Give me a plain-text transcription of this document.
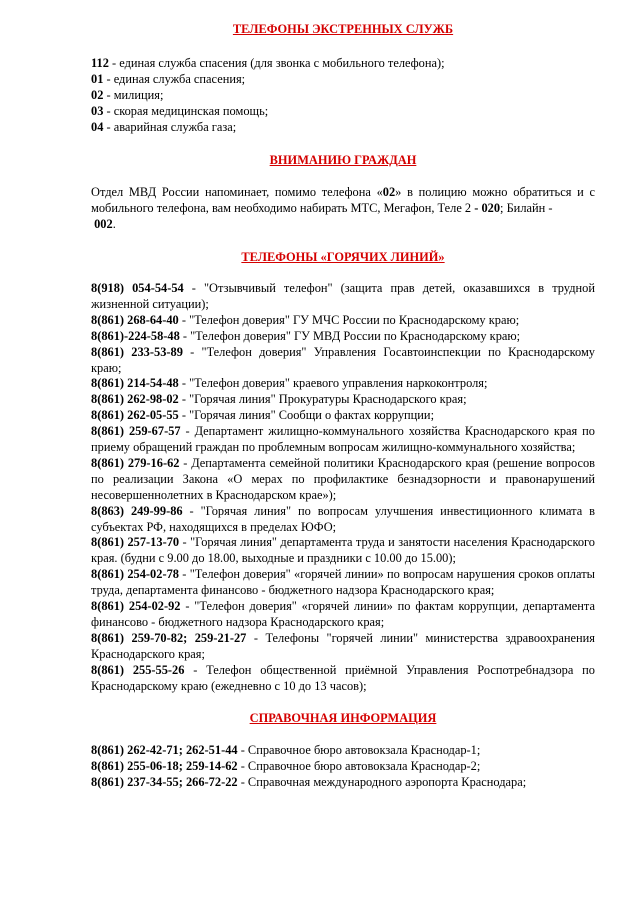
ТЕЛЕФОНЫ ЭКСТРЕННЫХ СЛУЖБ

112 - единая служба спасения (для звонка с мобильного телефона);

01 - единая служба спасения;

02 - милиция;

03 - скорая медицинская помощь;

04 - аварийная служба газа;

ВНИМАНИЮ ГРАЖДАН

Отдел МВД России напоминает, помимо телефона «02» в полицию можно обратиться и с мобильного телефона, вам необходимо набирать МТС, Мегафон, Теле 2 - 020; Билайн -
002.

ТЕЛЕФОНЫ «ГОРЯЧИХ ЛИНИЙ»

8(918) 054-54-54 - "Отзывчивый телефон" (защита прав детей, оказавшихся в трудной жизненной ситуации);

8(861) 268-64-40 - "Телефон доверия" ГУ МЧС России по Краснодарскому краю;

8(861)-224-58-48 - "Телефон доверия" ГУ МВД России по Краснодарскому краю;

8(861) 233-53-89 - "Телефон доверия" Управления Госавтоинспекции по Краснодарскому краю;

8(861) 214-54-48 - "Телефон доверия" краевого управления наркоконтроля;

8(861) 262-98-02 - "Горячая линия" Прокуратуры Краснодарского края;

8(861) 262-05-55 - "Горячая линия" Сообщи о фактах коррупции;

8(861) 259-67-57 - Департамент жилищно-коммунального хозяйства Краснодарского края по приему обращений граждан по проблемным вопросам жилищно-коммунального хозяйства;

8(861) 279-16-62 - Департамента семейной политики Краснодарского края (решение вопросов по реализации Закона «О мерах по профилактике безнадзорности и правонарушений несовершеннолетних в Краснодарском крае»);

8(863) 249-99-86 - "Горячая линия" по вопросам улучшения инвестиционного климата в субъектах РФ, находящихся в пределах ЮФО;

8(861) 257-13-70 - "Горячая линия" департамента труда и занятости населения Краснодарского края. (будни с 9.00 до 18.00, выходные и праздники с 10.00 до 15.00);

8(861) 254-02-78 - "Телефон доверия" «горячей линии» по вопросам нарушения сроков оплаты труда, департамента финансово - бюджетного надзора Краснодарского края;

8(861) 254-02-92 - "Телефон доверия" «горячей линии» по фактам коррупции, департамента финансово - бюджетного надзора Краснодарского края;

8(861) 259-70-82; 259-21-27 - Телефоны "горячей линии" министерства здравоохранения Краснодарского края;

8(861) 255-55-26 - Телефон общественной приёмной Управления Роспотребнадзора по Краснодарскому краю (ежедневно с 10 до 13 часов);

СПРАВОЧНАЯ ИНФОРМАЦИЯ

8(861) 262-42-71; 262-51-44 - Справочное бюро автовокзала Краснодар-1;

8(861) 255-06-18; 259-14-62 - Справочное бюро автовокзала Краснодар-2;

8(861) 237-34-55; 266-72-22 - Справочная международного аэропорта Краснодара;
